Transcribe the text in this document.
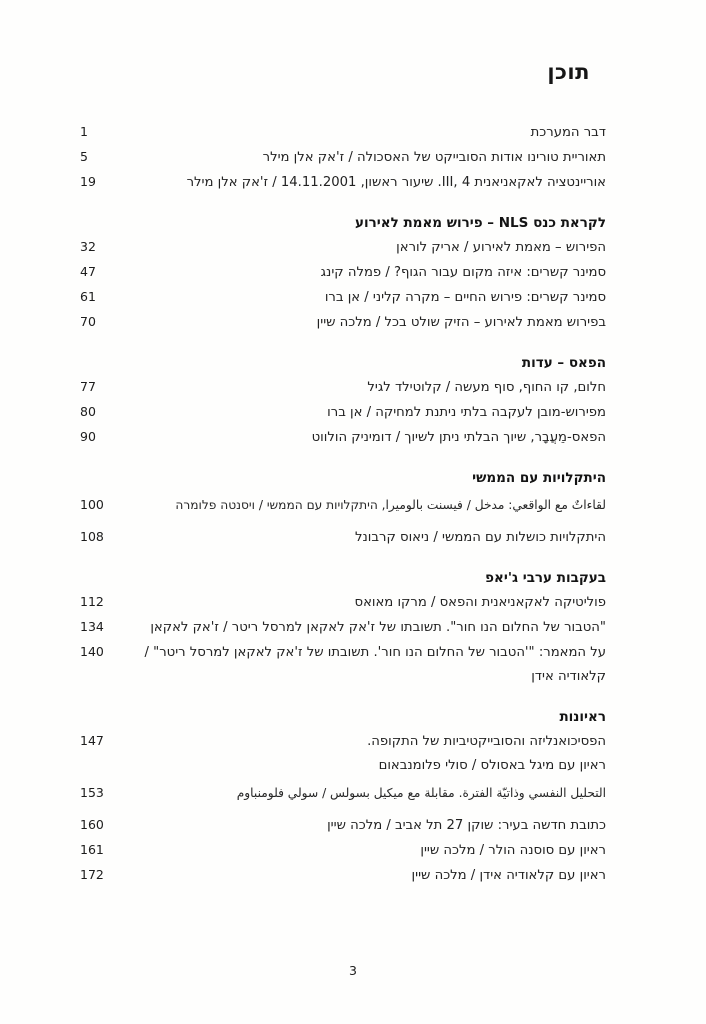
תוכן
דבר המערכת
1
תאוריית טורינו אודות הסובייקט של האסכולה / ז'אק אלן מילר
5
אוריינטציה לאקאניאנית III, 4. שיעור ראשון, 14.11.2001 / ז'אק אלן מילר
19
לקראת כנס NLS – פירוש מאמת לאירוע
הפירוש – מאמת לאירוע / אריק לוראן
32
סמינר קשרים: איזה מקום עבור הגוף? / פמלה קינג
47
סמינר קשרים: פירוש החיים – מקרה קליני / אן ברו
61
בפירוש מאמת לאירוע – הזיק שולט בכל / מלכה שיין
70
הפאס – עדות
חלום, קו החוף, סוף מעשה / קלוטילד לגיל
77
מפירוש-מובן לעקבה בלתי ניתנת למחיקה / אן ברו
80
הפאס-מֵעֲבָר, שיוך הבלתי ניתן לשיוך / דומיניק הולווט
90
היתקלויות עם הממשי
لقاءاتٌ مع الواقعي: مدخل / فيسنت بالوميرا, היתקלויות עם הממשי / ויסנטה פלומרה
100
היתקלויות כושלות עם הממשי / ניאוס קרבונל
108
בעקבות ערבי ג'יאפ
פוליטיקה לאקאניאנית והפאס / מרקו מאואס
112
"הטבור של החלום הנו חור". תשובתו של ז'אק לאקאן למרסל ריטר / ז'אק לאקאן
134
על המאמר: "'הטבור של החלום הנו חור'. תשובתו של ז'אק לאקאן למרסל ריטר" /
140
קלאודיה אידן
ראיונות
הפסיכואנליזה והסובייקטיביות של התקופה.
147
ראיון עם מיגל באסולס / סולי פלומנבאום
التحليل النفسي وذاتيّة الفترة. مقابلة مع ميكيل بسولس / سولي فلومنباوم
153
כתובת חדשה בעיר: שוקן 27 תל אביב / מלכה שיין
160
ראיון עם סוסנה הולר / מלכה שיין
161
ראיון עם קלאודיה אידן / מלכה שיין
172
3
